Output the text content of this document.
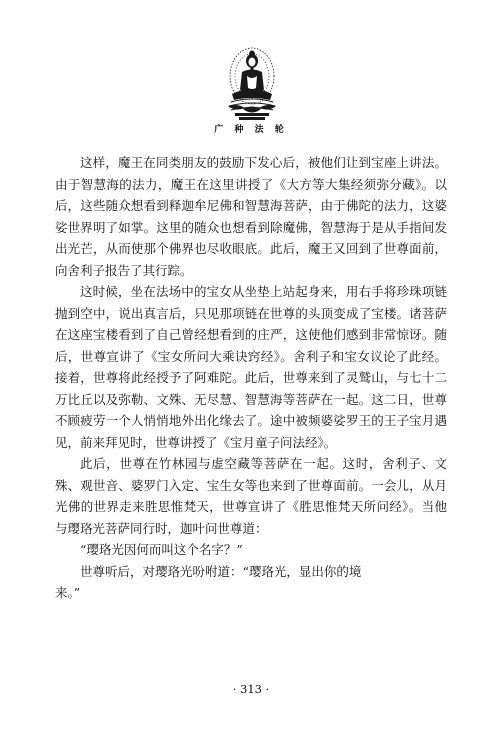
广 种 法 轮

这样，魔王在同类朋友的鼓励下发心后，被他们让到宝座上讲法。由于智慧海的法力，魔王在这里讲授了《大方等大集经须弥分藏》。以后，这些随众想看到释迦牟尼佛和智慧海菩萨，由于佛陀的法力，这婆娑世界明了如掌。这里的随众也想看到除魔佛，智慧海于是从手指间发出光芒，从而使那个佛界也尽收眼底。此后，魔王又回到了世尊面前，向舍利子报告了其行踪。

这时候，坐在法场中的宝女从坐垫上站起身来，用右手将珍珠项链抛到空中，说出真言后，只见那项链在世尊的头顶变成了宝楼。诸菩萨在这座宝楼看到了自己曾经想看到的庄严，这使他们感到非常惊讶。随后，世尊宣讲了《宝女所问大乘诀窍经》。舍利子和宝女议论了此经。接着，世尊将此经授予了阿难陀。此后，世尊来到了灵鹫山，与七十二万比丘以及弥勒、文殊、无尽慧、智慧海等菩萨在一起。这二日，世尊不顾疲劳一个人悄悄地外出化缘去了。途中被频婆娑罗王的王子宝月遇见，前来拜见时，世尊讲授了《宝月童子问法经》。

此后，世尊在竹林园与虚空藏等菩萨在一起。这时，舍利子、文殊、观世音、婆罗门入定、宝生女等也来到了世尊面前。一会儿，从月光佛的世界走来胜思惟梵天，世尊宣讲了《胜思惟梵天所问经》。当他与璎珞光菩萨同行时，迦叶问世尊道：

“璎珞光因何而叫这个名字？”

世尊听后，对璎珞光吩咐道：“璎珞光，显出你的境

来。”

· 313 ·
